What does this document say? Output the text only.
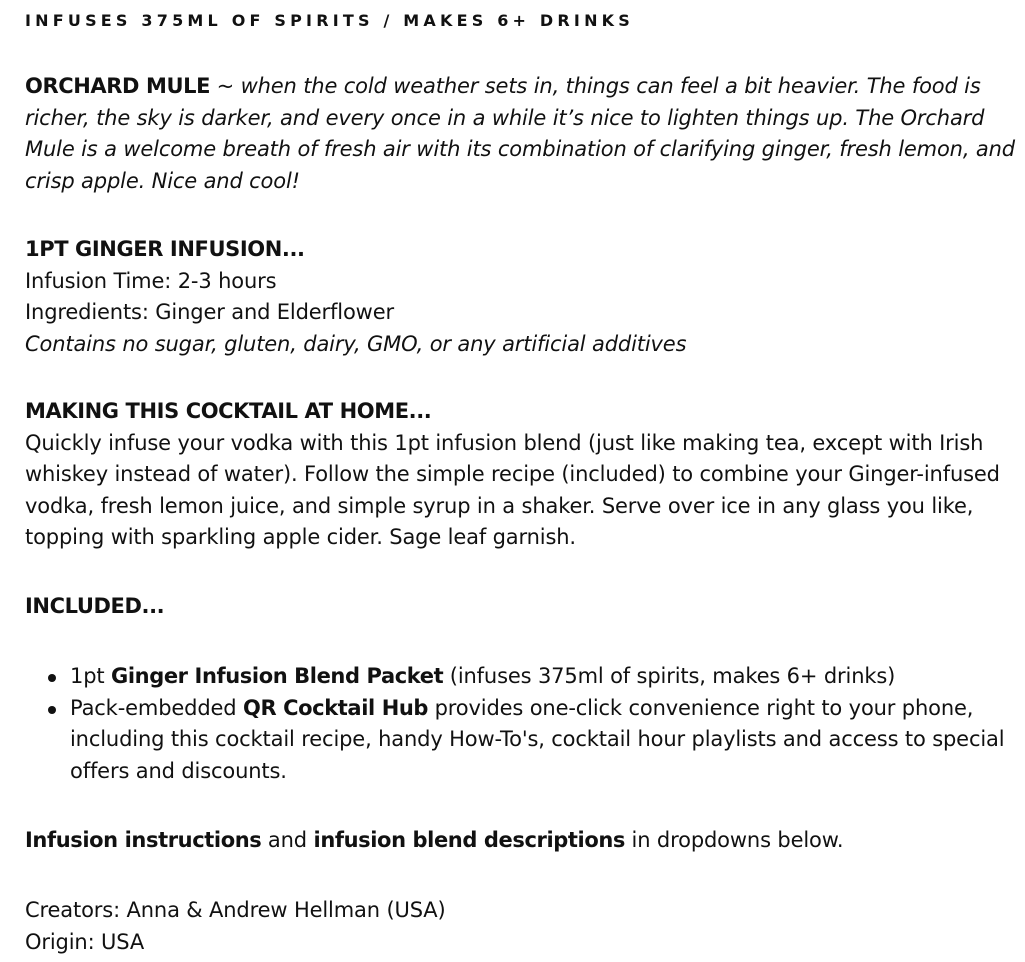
INFUSES 375ML OF SPIRITS / MAKES 6+ DRINKS
ORCHARD MULE ~ when the cold weather sets in, things can feel a bit heavier. The food is richer, the sky is darker, and every once in a while it’s nice to lighten things up. The Orchard Mule is a welcome breath of fresh air with its combination of clarifying ginger, fresh lemon, and crisp apple. Nice and cool!
1PT GINGER INFUSION...
Infusion Time: 2-3 hours
Ingredients: Ginger and Elderflower
Contains no sugar, gluten, dairy, GMO, or any artificial additives
MAKING THIS COCKTAIL AT HOME...
Quickly infuse your vodka with this 1pt infusion blend (just like making tea, except with Irish whiskey instead of water). Follow the simple recipe (included) to combine your Ginger-infused vodka, fresh lemon juice, and simple syrup in a shaker. Serve over ice in any glass you like, topping with sparkling apple cider. Sage leaf garnish.
INCLUDED...
1pt Ginger Infusion Blend Packet (infuses 375ml of spirits, makes 6+ drinks)
Pack-embedded QR Cocktail Hub provides one-click convenience right to your phone, including this cocktail recipe, handy How-To's, cocktail hour playlists and access to special offers and discounts.
Infusion instructions and infusion blend descriptions in dropdowns below.
Creators: Anna & Andrew Hellman (USA)
Origin: USA
